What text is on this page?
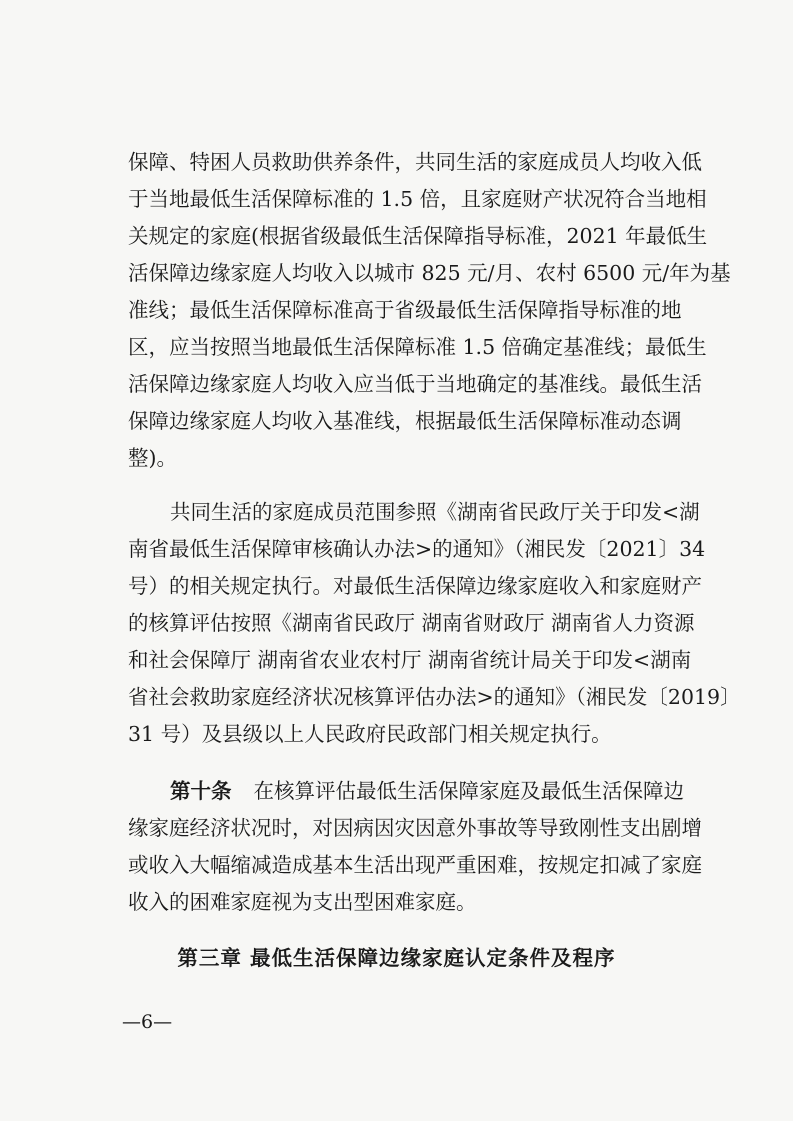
保障、特困人员救助供养条件，共同生活的家庭成员人均收入低
于当地最低生活保障标准的 1.5 倍，且家庭财产状况符合当地相
关规定的家庭(根据省级最低生活保障指导标准，2021 年最低生
活保障边缘家庭人均收入以城市 825 元/月、农村 6500 元/年为基
准线；最低生活保障标准高于省级最低生活保障指导标准的地
区，应当按照当地最低生活保障标准 1.5 倍确定基准线；最低生
活保障边缘家庭人均收入应当低于当地确定的基准线。最低生活
保障边缘家庭人均收入基准线，根据最低生活保障标准动态调
整)。
共同生活的家庭成员范围参照《湖南省民政厅关于印发<湖
南省最低生活保障审核确认办法>的通知》（湘民发〔2021〕34
号）的相关规定执行。对最低生活保障边缘家庭收入和家庭财产
的核算评估按照《湖南省民政厅 湖南省财政厅 湖南省人力资源
和社会保障厅 湖南省农业农村厅 湖南省统计局关于印发<湖南
省社会救助家庭经济状况核算评估办法>的通知》（湘民发〔2019〕
31 号）及县级以上人民政府民政部门相关规定执行。
第十条 在核算评估最低生活保障家庭及最低生活保障边
缘家庭经济状况时，对因病因灾因意外事故等导致刚性支出剧增
或收入大幅缩减造成基本生活出现严重困难，按规定扣减了家庭
收入的困难家庭视为支出型困难家庭。
第三章 最低生活保障边缘家庭认定条件及程序
—6—
